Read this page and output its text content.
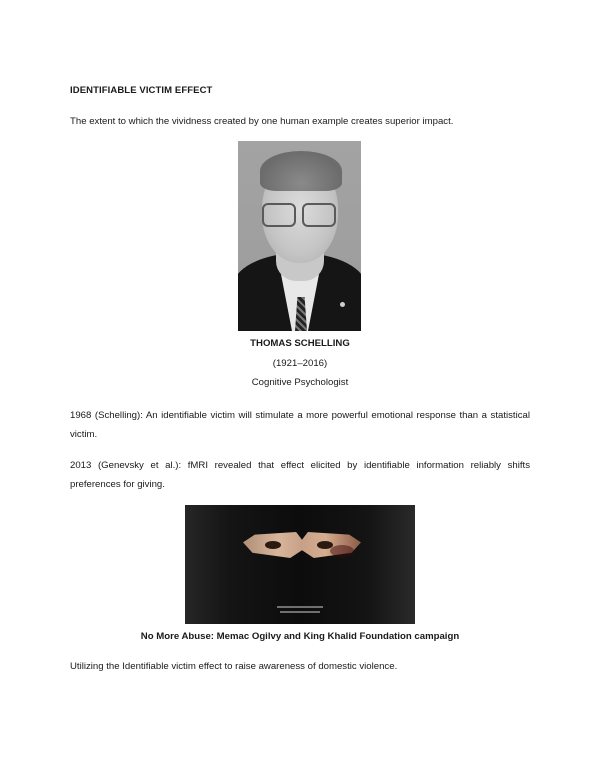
IDENTIFIABLE VICTIM EFFECT
The extent to which the vividness created by one human example creates superior impact.
THOMAS SCHELLING
(1921–2016)
Cognitive Psychologist
1968 (Schelling): An identifiable victim will stimulate a more powerful emotional response than a statistical victim.
2013 (Genevsky et al.): fMRI revealed that effect elicited by identifiable information reliably shifts preferences for giving.
No More Abuse: Memac Ogilvy and King Khalid Foundation campaign
Utilizing the Identifiable victim effect to raise awareness of domestic violence.
